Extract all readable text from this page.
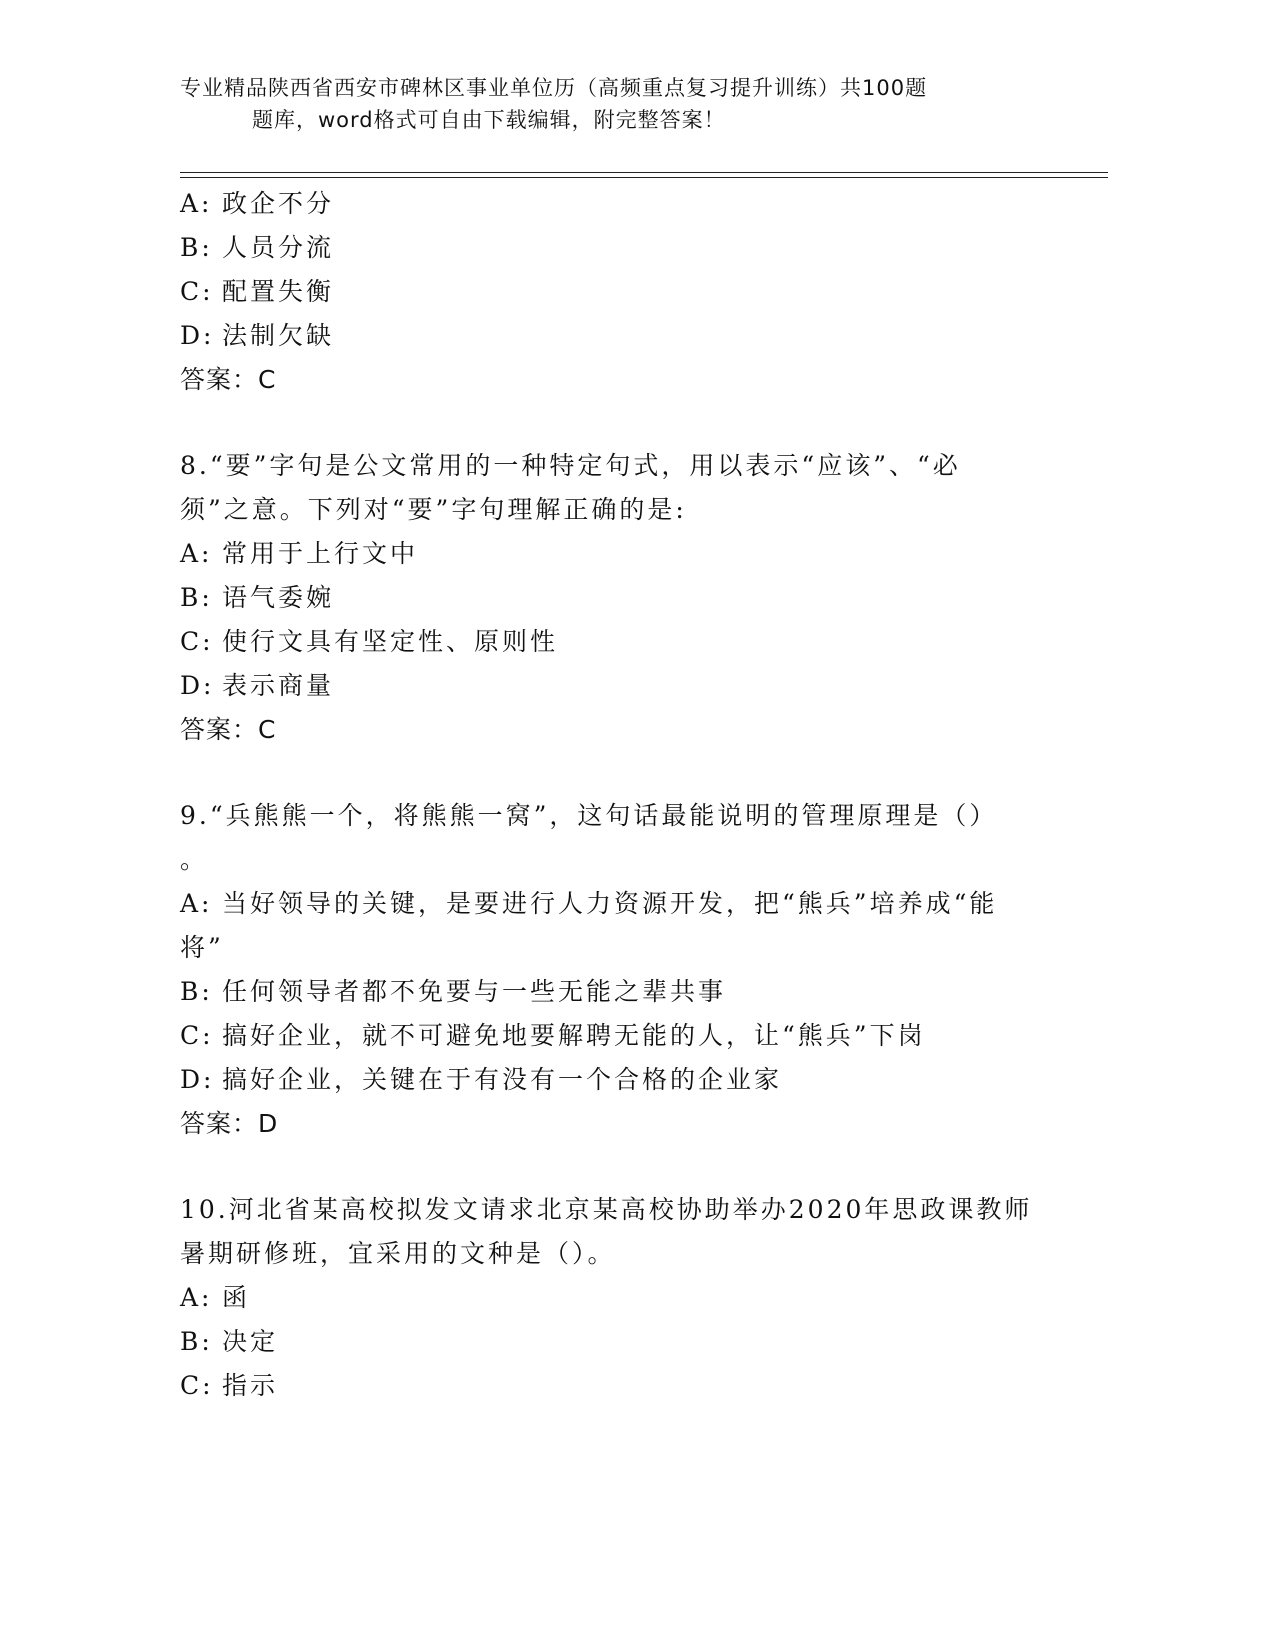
专业精品陕西省西安市碑林区事业单位历（高频重点复习提升训练）共100题
题库，word格式可自由下载编辑，附完整答案！
A: 政企不分
B: 人员分流
C: 配置失衡
D: 法制欠缺
答案：C
8.“要”字句是公文常用的一种特定句式，用以表示“应该”、“必
须”之意。下列对“要”字句理解正确的是:
A: 常用于上行文中
B: 语气委婉
C: 使行文具有坚定性、原则性
D: 表示商量
答案：C
9.“兵熊熊一个，将熊熊一窝”，这句话最能说明的管理原理是（）
。
A: 当好领导的关键，是要进行人力资源开发，把“熊兵”培养成“能
将”
B: 任何领导者都不免要与一些无能之辈共事
C: 搞好企业，就不可避免地要解聘无能的人，让“熊兵”下岗
D: 搞好企业，关键在于有没有一个合格的企业家
答案：D
10.河北省某高校拟发文请求北京某高校协助举办2020年思政课教师
暑期研修班，宜采用的文种是（）。
A: 函
B: 决定
C: 指示
